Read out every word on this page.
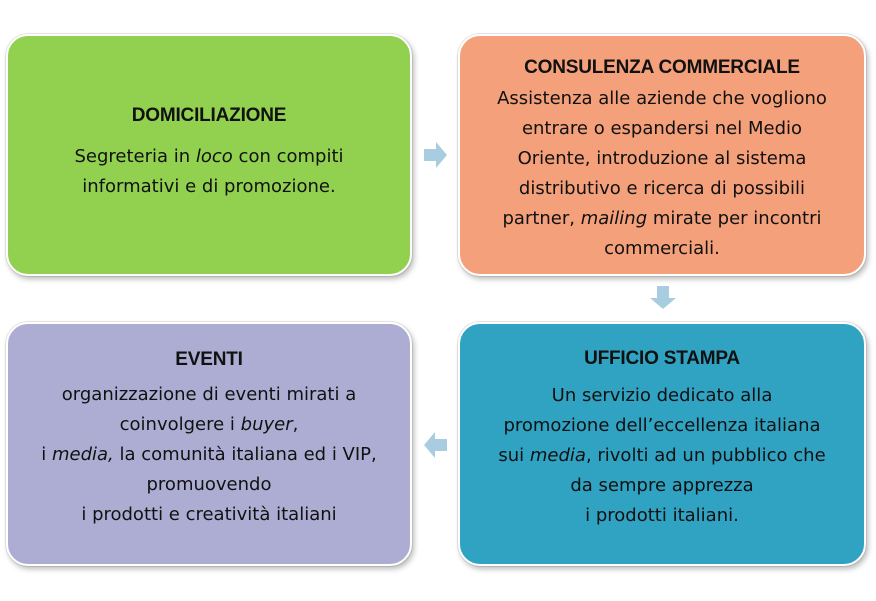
DOMICILIAZIONE
Segreteria in loco con compiti
informativi e di promozione.
CONSULENZA COMMERCIALE
Assistenza alle aziende che vogliono
entrare o espandersi nel Medio
Oriente, introduzione al sistema
distributivo e ricerca di possibili
partner, mailing mirate per incontri
commerciali.
UFFICIO STAMPA
Un servizio dedicato alla
promozione dell’eccellenza italiana
sui media, rivolti ad un pubblico che
da sempre apprezza
i prodotti italiani.
EVENTI
organizzazione di eventi mirati a
coinvolgere i buyer,
i media, la comunità italiana ed i VIP,
promuovendo
i prodotti e creatività italiani
